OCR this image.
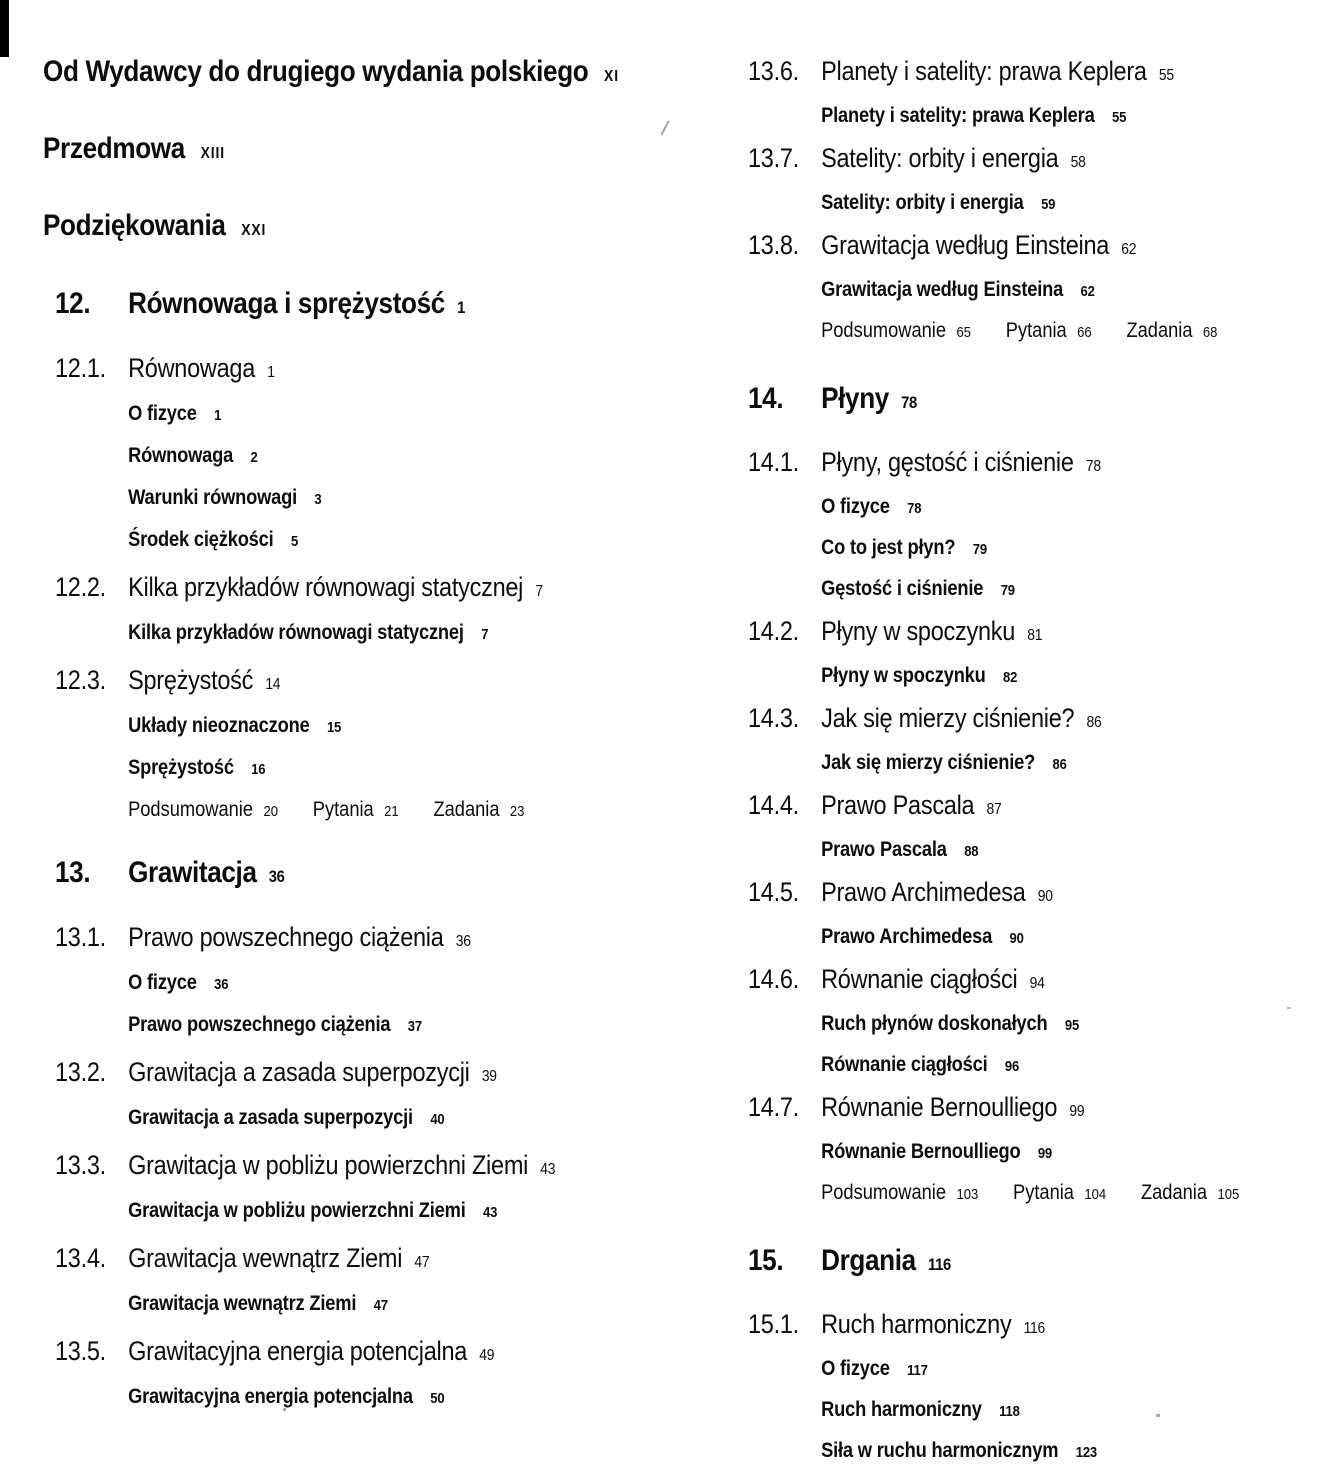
Od Wydawcy do drugiego wydania polskiego XI
Przedmowa XIII
Podziękowania XXI
12. Równowaga i sprężystość 1
12.1. Równowaga 1
O fizyce 1
Równowaga 2
Warunki równowagi 3
Środek ciężkości 5
12.2. Kilka przykładów równowagi statycznej 7
Kilka przykładów równowagi statycznej 7
12.3. Sprężystość 14
Układy nieoznaczone 15
Sprężystość 16
Podsumowanie 20 Pytania 21 Zadania 23
13. Grawitacja 36
13.1. Prawo powszechnego ciążenia 36
O fizyce 36
Prawo powszechnego ciążenia 37
13.2. Grawitacja a zasada superpozycji 39
Grawitacja a zasada superpozycji 40
13.3. Grawitacja w pobliżu powierzchni Ziemi 43
Grawitacja w pobliżu powierzchni Ziemi 43
13.4. Grawitacja wewnątrz Ziemi 47
Grawitacja wewnątrz Ziemi 47
13.5. Grawitacyjna energia potencjalna 49
Grawitacyjna energia potencjalna 50
13.6. Planety i satelity: prawa Keplera 55
Planety i satelity: prawa Keplera 55
13.7. Satelity: orbity i energia 58
Satelity: orbity i energia 59
13.8. Grawitacja według Einsteina 62
Grawitacja według Einsteina 62
Podsumowanie 65 Pytania 66 Zadania 68
14. Płyny 78
14.1. Płyny, gęstość i ciśnienie 78
O fizyce 78
Co to jest płyn? 79
Gęstość i ciśnienie 79
14.2. Płyny w spoczynku 81
Płyny w spoczynku 82
14.3. Jak się mierzy ciśnienie? 86
Jak się mierzy ciśnienie? 86
14.4. Prawo Pascala 87
Prawo Pascala 88
14.5. Prawo Archimedesa 90
Prawo Archimedesa 90
14.6. Równanie ciągłości 94
Ruch płynów doskonałych 95
Równanie ciągłości 96
14.7. Równanie Bernoulliego 99
Równanie Bernoulliego 99
Podsumowanie 103 Pytania 104 Zadania 105
15. Drgania 116
15.1. Ruch harmoniczny 116
O fizyce 117
Ruch harmoniczny 118
Siła w ruchu harmonicznym 123
